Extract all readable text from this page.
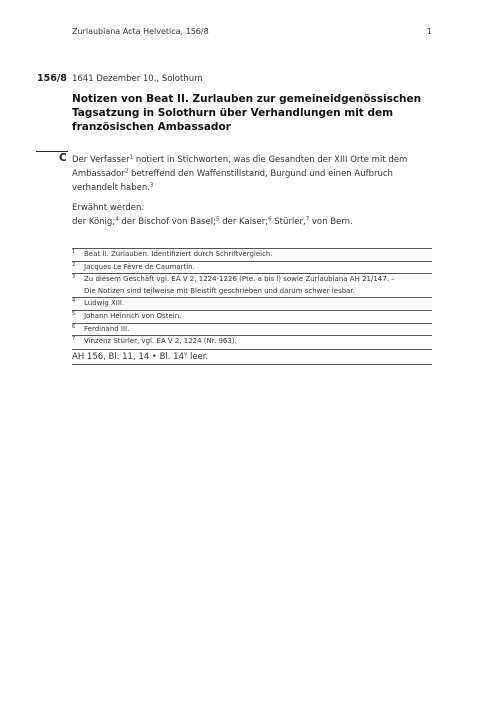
Zurlaubiana Acta Helvetica, 156/8	1
156/8 1641 Dezember 10., Solothurn
Notizen von Beat II. Zurlauben zur gemeineidgenössischen
Tagsatzung in Solothurn über Verhandlungen mit dem
französischen Ambassador
C Der Verfasser$^1$ notiert in Stichworten, was die Gesandten der XIII Orte mit dem

Ambassador$^2$ betreffend den Waffenstillstand, Burgund und einen Aufbruch

verhandelt haben.$^3$

Erwähnt werden:

der König;$^4$ der Bischof von Basel;$^5$ der Kaiser;$^6$ Stürler,$^7$ von Bern.

1 Beat II. Zurlauben. Identifiziert durch Schriftvergleich.
2 Jacques Le Fèvre de Caumartin.
3 Zu diesem Geschäft vgl. EA V 2, 1224-1226 (Pte. a bis l) sowie Zurlaubiana AH 21/147. –
Die Notizen sind teilweise mit Bleistift geschrieben und darum schwer lesbar.
4 Ludwig XIII.
5 Johann Heinrich von Ostein.
6 Ferdinand III.
7 Vinzenz Stürler, vgl. EA V 2, 1224 (Nr. 963).
AH 156, Bl. 11, 14 • Bl. 14$^v$ leer.
